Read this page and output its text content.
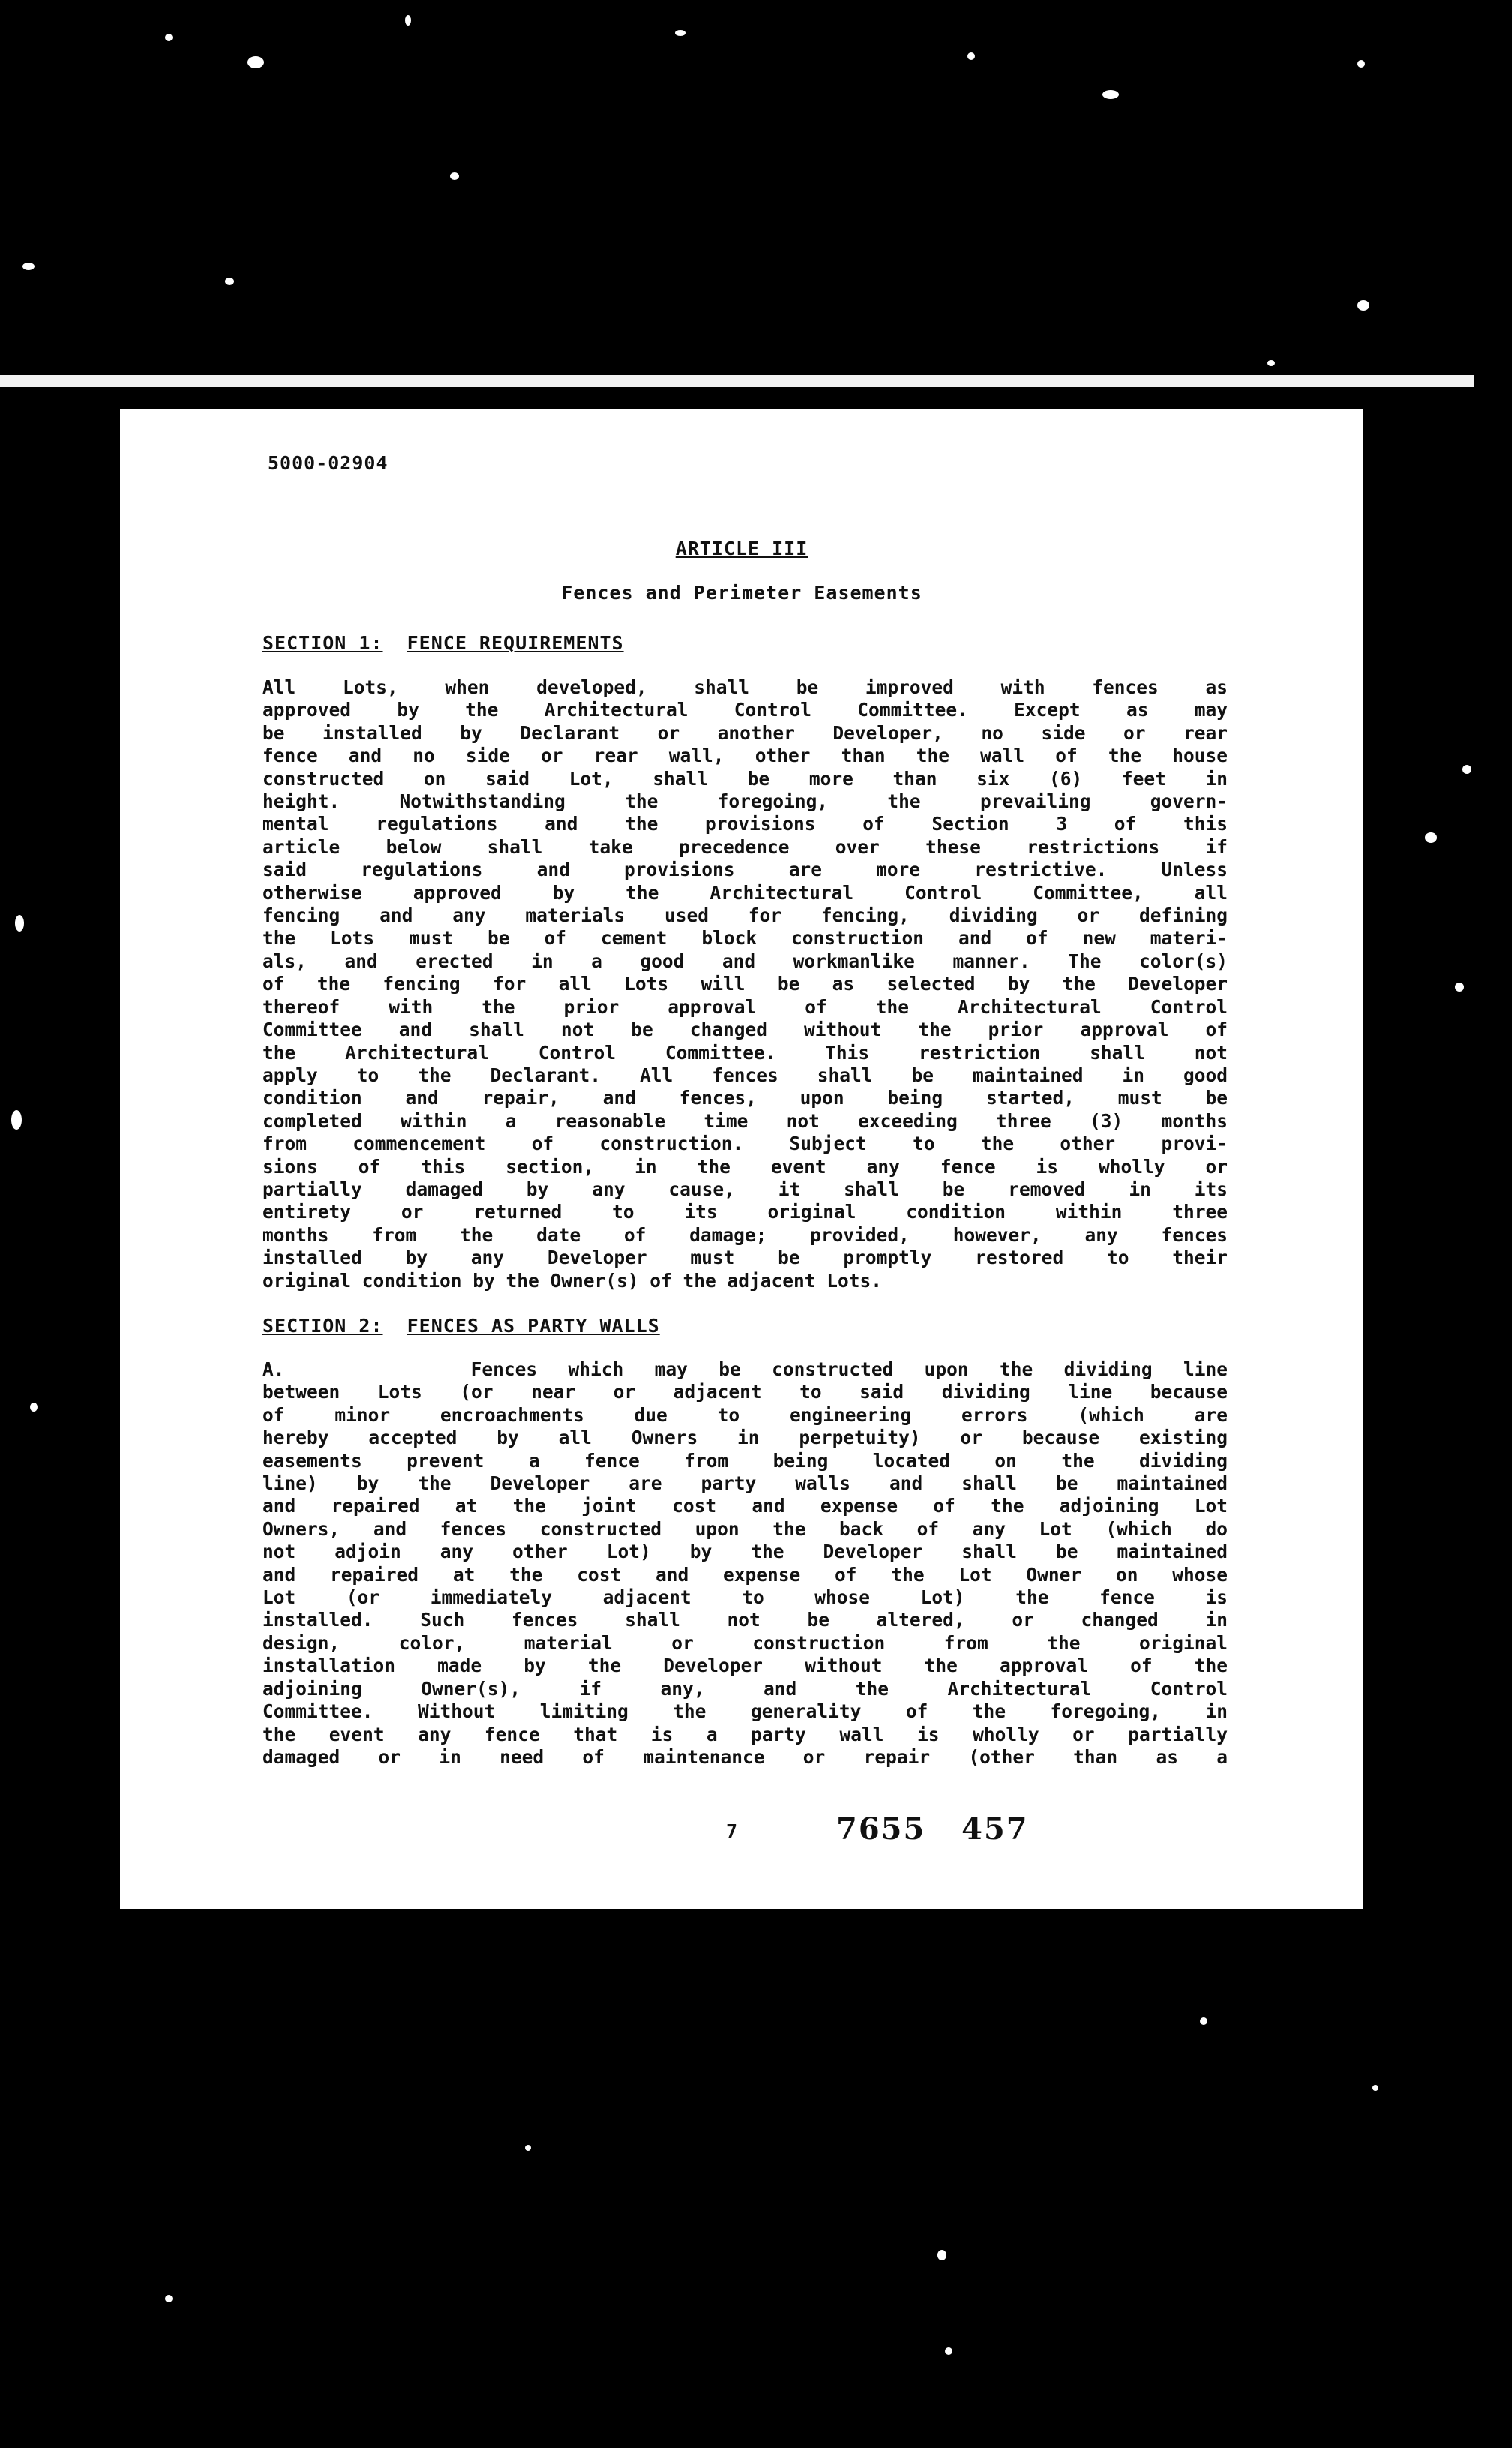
5000-02904
ARTICLE III
Fences and Perimeter Easements
SECTION 1: FENCE REQUIREMENTS
All Lots, when developed, shall be improved with fences as
approved by the Architectural Control Committee. Except as may
be installed by Declarant or another Developer, no side or rear
fence and no side or rear wall, other than the wall of the house
constructed on said Lot, shall be more than six (6) feet in
height. Notwithstanding the foregoing, the prevailing govern-
mental regulations and the provisions of Section 3 of this
article below shall take precedence over these restrictions if
said regulations and provisions are more restrictive. Unless
otherwise approved by the Architectural Control Committee, all
fencing and any materials used for fencing, dividing or defining
the Lots must be of cement block construction and of new materi-
als, and erected in a good and workmanlike manner. The color(s)
of the fencing for all Lots will be as selected by the Developer
thereof with the prior approval of the Architectural Control
Committee and shall not be changed without the prior approval of
the Architectural Control Committee. This restriction shall not
apply to the Declarant. All fences shall be maintained in good
condition and repair, and fences, upon being started, must be
completed within a reasonable time not exceeding three (3) months
from commencement of construction. Subject to the other provi-
sions of this section, in the event any fence is wholly or
partially damaged by any cause, it shall be removed in its
entirety or returned to its original condition within three
months from the date of damage; provided, however, any fences
installed by any Developer must be promptly restored to their
original condition by the Owner(s) of the adjacent Lots.
SECTION 2: FENCES AS PARTY WALLS
A.      Fences which may be constructed upon the dividing line
between Lots (or near or adjacent to said dividing line because
of minor encroachments due to engineering errors (which are
hereby accepted by all Owners in perpetuity) or because existing
easements prevent a fence from being located on the dividing
line) by the Developer are party walls and shall be maintained
and repaired at the joint cost and expense of the adjoining Lot
Owners, and fences constructed upon the back of any Lot (which do
not adjoin any other Lot) by the Developer shall be maintained
and repaired at the cost and expense of the Lot Owner on whose
Lot (or immediately adjacent to whose Lot) the fence is
installed. Such fences shall not be altered, or changed in
design, color, material or construction from the original
installation made by the Developer without the approval of the
adjoining Owner(s), if any, and the Architectural Control
Committee. Without limiting the generality of the foregoing, in
the event any fence that is a party wall is wholly or partially
damaged or in need of maintenance or repair (other than as a
7	7655   457
